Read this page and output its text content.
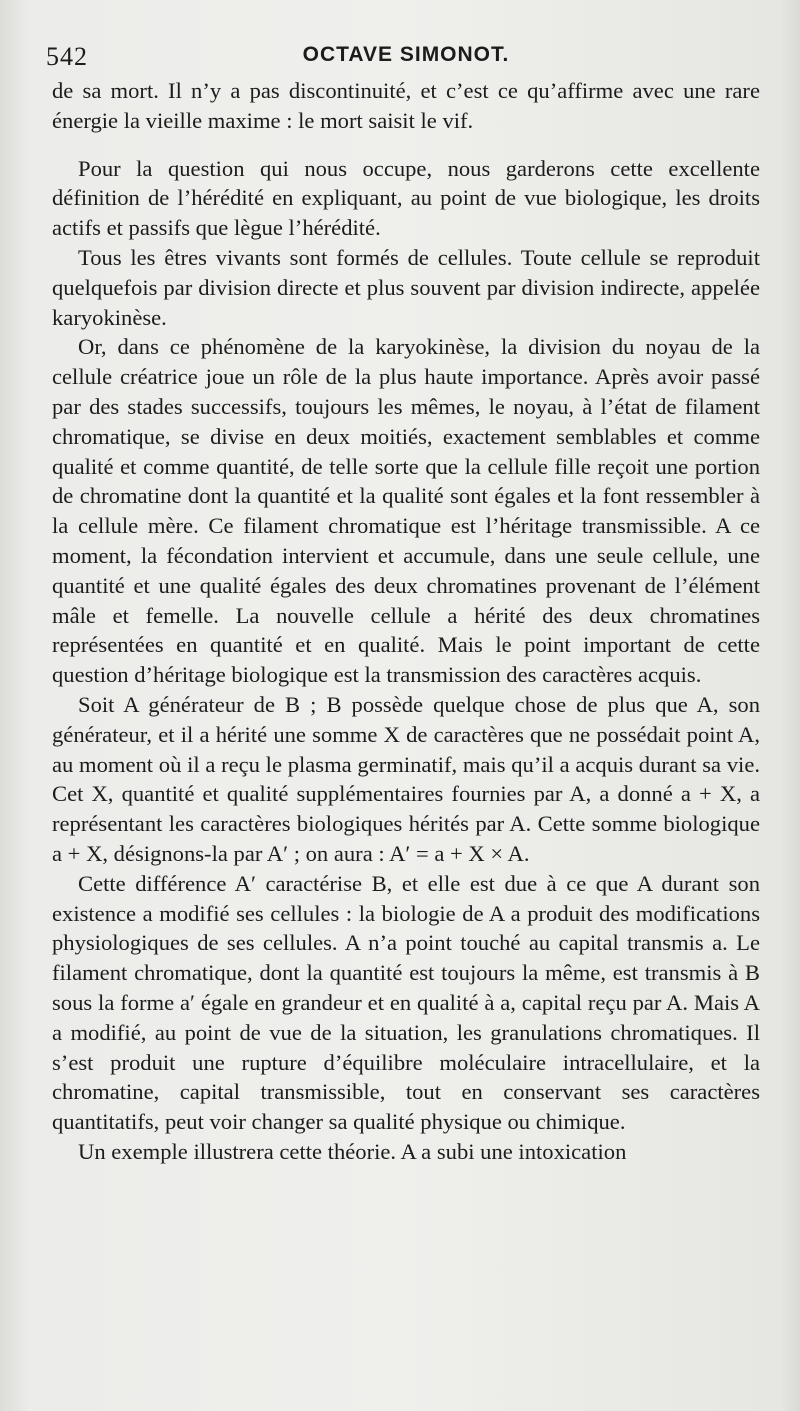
542	OCTAVE SIMONOT.

de sa mort. Il n’y a pas discontinuité, et c’est ce qu’affirme avec une rare énergie la vieille maxime : le mort saisit le vif.

Pour la question qui nous occupe, nous garderons cette excellente définition de l’hérédité en expliquant, au point de vue biologique, les droits actifs et passifs que lègue l’hérédité.

Tous les êtres vivants sont formés de cellules. Toute cellule se reproduit quelquefois par division directe et plus souvent par division indirecte, appelée karyokinèse.

Or, dans ce phénomène de la karyokinèse, la division du noyau de la cellule créatrice joue un rôle de la plus haute importance. Après avoir passé par des stades successifs, toujours les mêmes, le noyau, à l’état de filament chromatique, se divise en deux moitiés, exactement semblables et comme qualité et comme quantité, de telle sorte que la cellule fille reçoit une portion de chromatine dont la quantité et la qualité sont égales et la font ressembler à la cellule mère. Ce filament chromatique est l’héritage transmissible. A ce moment, la fécondation intervient et accumule, dans une seule cellule, une quantité et une qualité égales des deux chromatines provenant de l’élément mâle et femelle. La nouvelle cellule a hérité des deux chromatines représentées en quantité et en qualité. Mais le point important de cette question d’héritage biologique est la transmission des caractères acquis.

Soit A générateur de B ; B possède quelque chose de plus que A, son générateur, et il a hérité une somme X de caractères que ne possédait point A, au moment où il a reçu le plasma germinatif, mais qu’il a acquis durant sa vie. Cet X, quantité et qualité supplémentaires fournies par A, a donné a + X, a représentant les caractères biologiques hérités par A. Cette somme biologique a + X, désignons-la par A′ ; on aura : A′ = a + X × A.

Cette différence A′ caractérise B, et elle est due à ce que A durant son existence a modifié ses cellules : la biologie de A a produit des modifications physiologiques de ses cellules. A n’a point touché au capital transmis a. Le filament chromatique, dont la quantité est toujours la même, est transmis à B sous la forme a′ égale en grandeur et en qualité à a, capital reçu par A. Mais A a modifié, au point de vue de la situation, les granulations chromatiques. Il s’est produit une rupture d’équilibre moléculaire intracellulaire, et la chromatine, capital transmissible, tout en conservant ses caractères quantitatifs, peut voir changer sa qualité physique ou chimique.

Un exemple illustrera cette théorie. A a subi une intoxication
